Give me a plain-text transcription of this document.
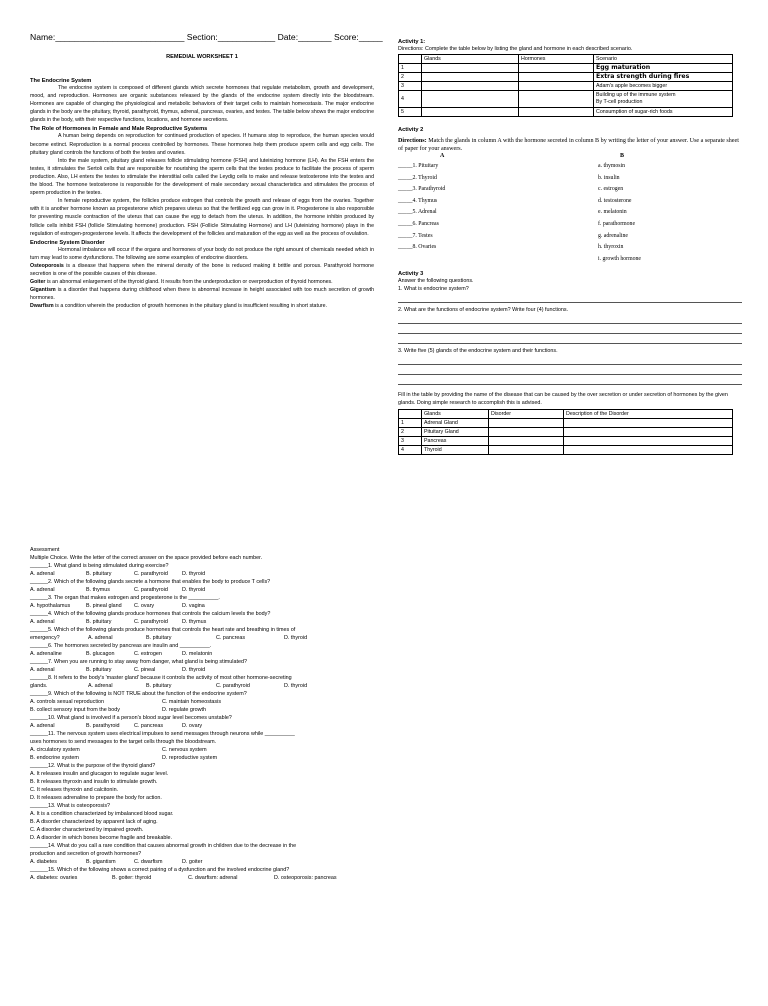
Name:___________________________ Section:____________ Date:_______ Score:_____
REMEDIAL WORKSHEET 1
The Endocrine System

The endocrine system is composed of different glands which secrete hormones that regulate metabolism, growth and development, mood, and reproduction. Hormones are organic substances released by the glands of the endocrine system directly into the bloodstream. Hormones are capable of changing the physiological and metabolic behaviors of their target cells to maintain homeostasis. The major endocrine glands in the body are the pituitary, thyroid, parathyroid, thymus, adrenal, pancreas, ovaries, and testes. The table below shows the major endocrine glands in the body, with their respective functions, locations, and hormone secretions.

The Role of Hormones in Female and Male Reproductive Systems

A human being depends on reproduction for continued production of species. If humans stop to reproduce, the human species would become extinct. Reproduction is a normal process controlled by hormones. These hormones help them produce sperm cells and egg cells. The pituitary gland controls the functions of both the testes and ovaries.

Into the male system, pituitary gland releases follicle stimulating hormone (FSH) and luteinizing hormone (LH). As the FSH enters the testes, it stimulates the Sertoli cells that are responsible for nourishing the sperm cells that the testes produce to facilitate the process of sperm production. Also, LH enters the testes to stimulate the interstitial cells called the Leydig cells to make and release testosterone into the testes and the blood. The hormone testosterone is responsible for the development of male secondary sexual characteristics and stimulates the process of sperm production in the testes.

In female reproductive system, the follicles produce estrogen that controls the growth and release of eggs from the ovaries. Together with it is another hormone known as progesterone which prepares uterus so that the fertilized egg can grow in it. Progesterone is also responsible for preventing muscle contraction of the uterus that can cause the egg to detach from the uterus. In addition, the hormone inhibin produced by follicle cells inhibit FSH (follicle Stimulating hormone) production. FSH (Follicle Stimulating Hormone) and LH (luteinizing hormone) plays in the regulation of estrogen-progesterone levels. It affects the development of the follicles and maturation of the egg as well as the process of ovulation.

Endocrine System Disorder

Hormonal imbalance will occur if the organs and hormones of your body do not produce the right amount of chemicals needed which in turn may lead to some dysfunctions. The following are some examples of endocrine disorders.

Osteoporosis is a disease that happens when the mineral density of the bone is reduced making it brittle and porous. Parathyroid hormone secretion is one of the possible causes of this disease.

Goiter is an abnormal enlargement of the thyroid gland. It results from the underproduction or overproduction of thyroid hormones.

Gigantism is a disorder that happens during childhood when there is abnormal increase in height associated with too much secretion of growth hormones.

Dwarfism is a condition wherein the production of growth hormones in the pituitary gland is insufficient resulting in short stature.

Activity 1:
Directions: Complete the table below by listing the gland and hormone in each described scenario.
	Glands	Hormones	Scenario
1			Egg maturation
2			Extra strength during fires
3			Adam's apple becomes bigger
4			Building up of the immune system
By T-cell production

5			Consumption of sugar-rich foods
Activity 2
Directions: Match the glands in column A with the hormone secreted in column B by writing the letter of your answer. Use a separate sheet of paper for your answers.
A	B
_____1. Pituitary	a. thymosin
_____2. Thyroid	b. insulin
_____3. Parathyroid	c. estrogen
_____4. Thymus	d. testosterone
_____5. Adrenal	e. melatonin
_____6. Pancreas	f. parathormone
_____7. Testes	g. adrenaline
_____8. Ovaries	h. thyroxin
i. growth hormone
Activity 3
Answer the following questions.
1. What is endocrine system?
2. What are the functions of endocrine system? Write four (4) functions.
3. Write five (5) glands of the endocrine system and their functions.
Fill in the table by providing the name of the disease that can be caused by the over secretion or under secretion of hormones by the given glands. Doing simple research to accomplish this is advised.
	Glands	Disorder	Description of the Disorder
1	Adrenal Gland		
2	Pituitary Gland		
3	Pancreas		
4	Thyroid		
Assessment
Multiple Choice. Write the letter of the correct answer on the space provided before each number.
______1. What gland is being stimulated during exercise?
A. adrenal	B. pituitary	C. parathyroid	D. thyroid
______2. Which of the following glands secrete a hormone that enables the body to produce T cells?
A. adrenal	B. thymus	C. parathyroid	D. thyroid
______3. The organ that makes estrogen and progesterone is the __________.
A. hypothalamus	B. pineal gland C. ovary	D. vagina
______4. Which of the following glands produce hormones that controls the calcium levels the body?
A. adrenal	B. pituitary	C. parathyroid	D. thymus
______5. Which of the following glands produce hormones that controls the heart rate and breathing in times of
emergency?	A. adrenal	B. pituitary	C. pancreas	D. thyroid
______6. The hormones secreted by pancreas are insulin and __________.
A. adrenaline	B. glucagon	C. estrogen	D. melatonin
______7. When you are running to stay away from danger, what gland is being stimulated?
A. adrenal	B. pituitary	C. pineal	D. thyroid
______8. It refers to the body's 'master gland' because it controls the activity of most other hormone-secreting
glands.	A. adrenal	B. pituitary	C. parathyroid	D. thyroid
______9. Which of the following is NOT TRUE about the function of the endocrine system?
A. controls sexual reproduction	C. maintain homeostasis
B. collect sensory input from the body	D. regulate growth
______10. What gland is involved if a person's blood sugar level becomes unstable?
A. adrenal	B. parathyroid	C. pancreas	D. ovary
______11. The nervous system uses electrical impulses to send messages through neurons while __________
uses hormones to send messages to the target cells through the bloodstream.
A. circulatory system	C. nervous system
B. endocrine system	D. reproductive system
______12. What is the purpose of the thyroid gland?
A. It releases insulin and glucagon to regulate sugar level.
B. It releases thyroxin and insulin to stimulate growth.
C. It releases thyroxin and calcitonin.
D. It releases adrenaline to prepare the body for action.
______13. What is osteoporosis?
A. It is a condition characterized by imbalanced blood sugar.
B. A disorder characterized by apparent lack of aging.
C. A disorder characterized by impaired growth.
D. A disorder in which bones become fragile and breakable.
______14. What do you call a rare condition that causes abnormal growth in children due to the decrease in the
production and secretion of growth hormones?
A. diabetes	B. gigantism	C. dwarfism	D. goiter
______15. Which of the following shows a correct pairing of a dysfunction and the involved endocrine gland?
A. diabetes: ovaries	B. goiter: thyroid	C. dwarfism: adrenal	D. osteoporosis: pancreas
